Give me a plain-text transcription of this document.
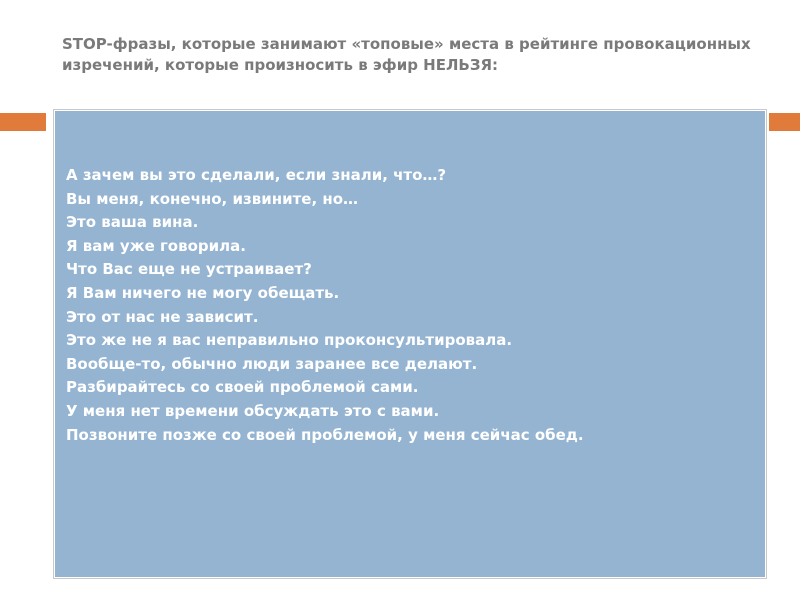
STOP-фразы, которые занимают «топовые» места в рейтинге провокационных изречений, которые произносить в эфир НЕЛЬЗЯ:
А зачем вы это сделали, если знали, что…?
Вы меня, конечно, извините, но…
Это ваша вина.
Я вам уже говорила.
Что Вас еще не устраивает?
Я Вам ничего не могу обещать.
Это от нас не зависит.
Это же не я вас неправильно проконсультировала.
Вообще-то, обычно люди заранее все делают.
Разбирайтесь со своей проблемой сами.
У меня нет времени обсуждать это с вами.
Позвоните позже со своей проблемой, у меня сейчас обед.
